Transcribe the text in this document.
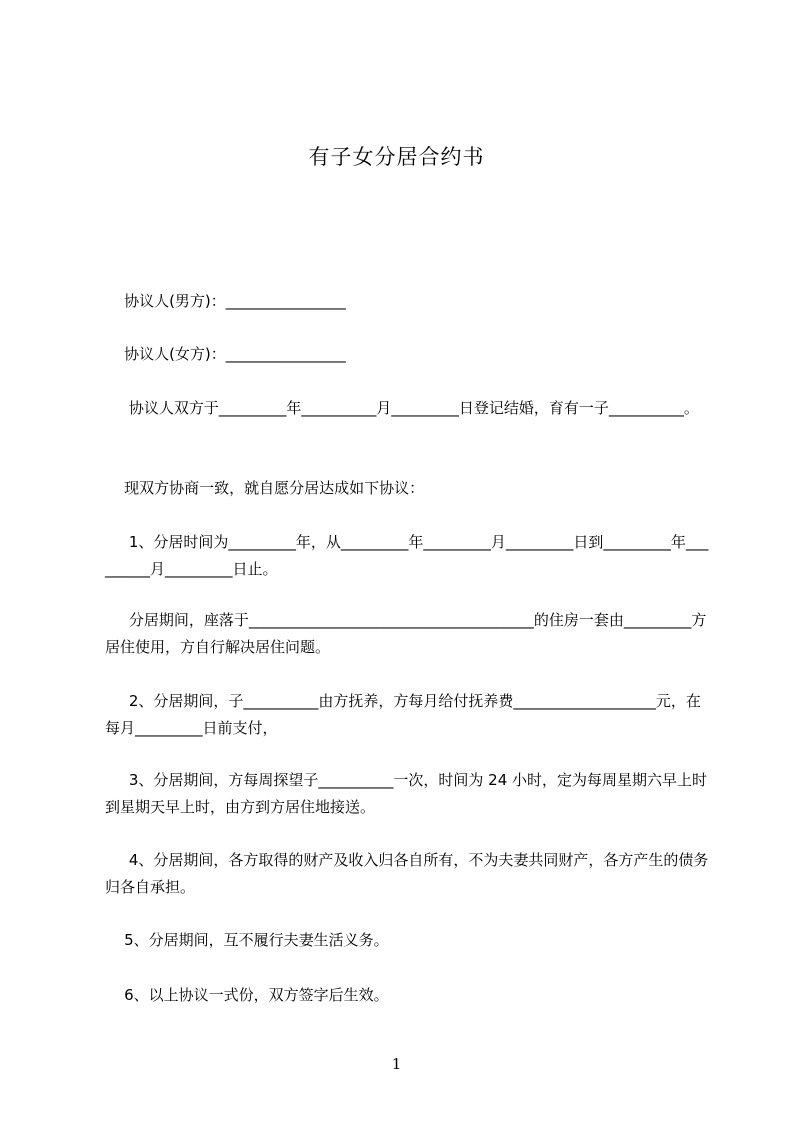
有子女分居合约书
协议人(男方)：________________
协议人(女方)：________________
协议人双方于_________年__________月_________日登记结婚，育有一子__________。
现双方协商一致，就自愿分居达成如下协议：
1、分居时间为_________年，从_________年_________月_________日到_________年_________月_________日止。
分居期间，座落于______________________________________的住房一套由_________方居住使用，方自行解决居住问题。
2、分居期间，子__________由方抚养，方每月给付抚养费___________________元，在每月_________日前支付，
3、分居期间，方每周探望子__________一次，时间为 24 小时，定为每周星期六早上时到星期天早上时，由方到方居住地接送。
4、分居期间，各方取得的财产及收入归各自所有，不为夫妻共同财产，各方产生的债务归各自承担。
5、分居期间，互不履行夫妻生活义务。
6、以上协议一式份，双方签字后生效。
1
